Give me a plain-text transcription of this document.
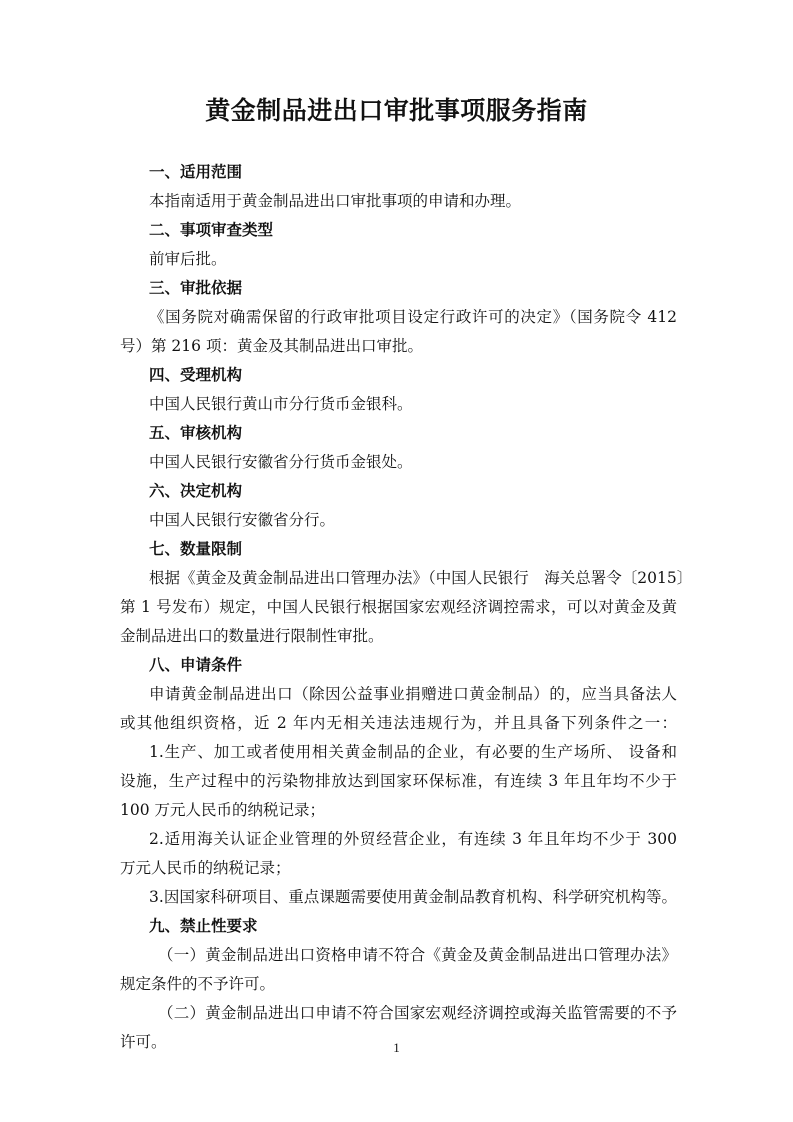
黄金制品进出口审批事项服务指南
一、适用范围
本指南适用于黄金制品进出口审批事项的申请和办理。
二、事项审查类型
前审后批。
三、审批依据
《国务院对确需保留的行政审批项目设定行政许可的决定》（国务院令 412
号）第 216 项：黄金及其制品进出口审批。
四、受理机构
中国人民银行黄山市分行货币金银科。
五、审核机构
中国人民银行安徽省分行货币金银处。
六、决定机构
中国人民银行安徽省分行。
七、数量限制
根据《黄金及黄金制品进出口管理办法》（中国人民银行　海关总署令〔2015〕
第 1 号发布）规定，中国人民银行根据国家宏观经济调控需求，可以对黄金及黄
金制品进出口的数量进行限制性审批。
八、申请条件
申请黄金制品进出口（除因公益事业捐赠进口黄金制品）的，应当具备法人
或其他组织资格，近 2 年内无相关违法违规行为，并且具备下列条件之一：
1.生产、加工或者使用相关黄金制品的企业，有必要的生产场所、 设备和
设施，生产过程中的污染物排放达到国家环保标准，有连续 3 年且年均不少于
100 万元人民币的纳税记录；
2.适用海关认证企业管理的外贸经营企业，有连续 3 年且年均不少于 300
万元人民币的纳税记录；
3.因国家科研项目、重点课题需要使用黄金制品教育机构、科学研究机构等。
九、禁止性要求
（一）黄金制品进出口资格申请不符合《黄金及黄金制品进出口管理办法》
规定条件的不予许可。
（二）黄金制品进出口申请不符合国家宏观经济调控或海关监管需要的不予
许可。	1
